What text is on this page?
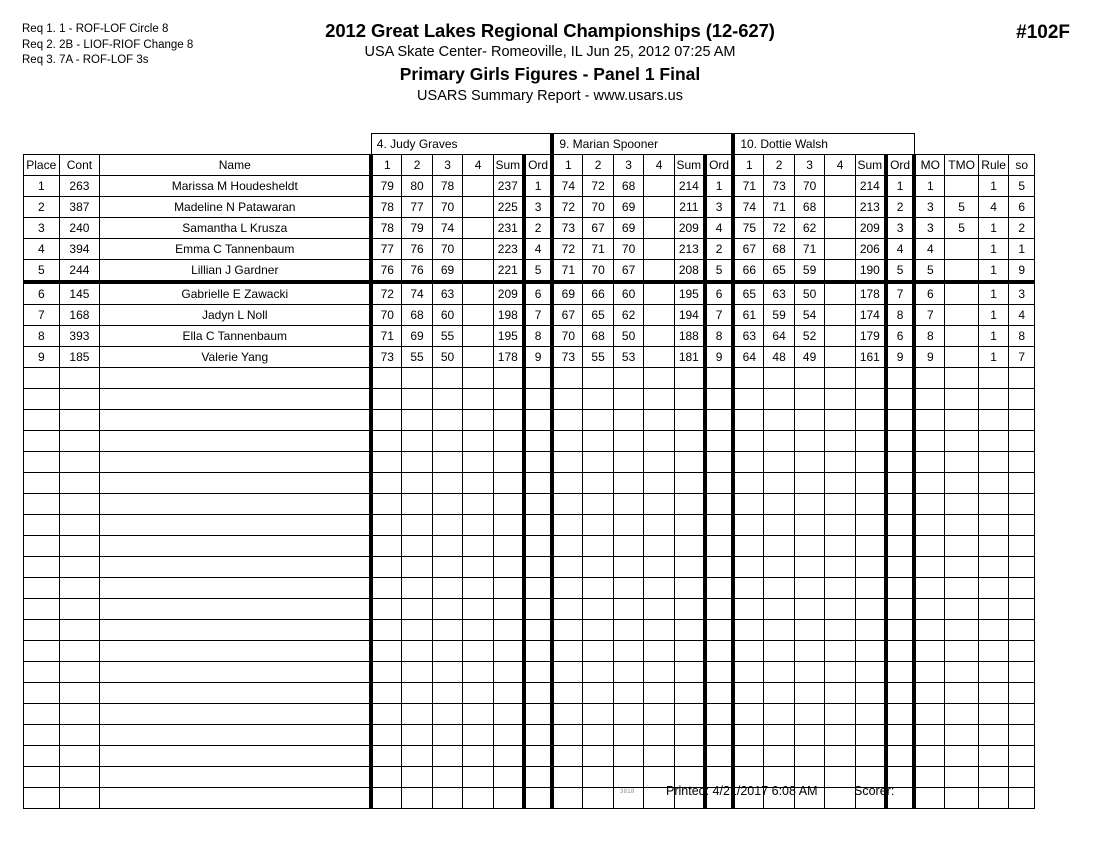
Req 1. 1 - ROF-LOF Circle 8
Req 2. 2B - LIOF-RIOF Change 8
Req 3. 7A - ROF-LOF 3s
2012 Great Lakes Regional Championships (12-627)
USA Skate Center- Romeoville, IL Jun 25, 2012 07:25 AM
Primary Girls Figures - Panel 1 Final
USARS Summary Report - www.usars.us
#102F
			4. Judy Graves						9. Marian Spooner						10. Dottie Walsh									
Place	Cont	Name	1	2	3	4	Sum	Ord	1	2	3	4	Sum	Ord	1	2	3	4	Sum	Ord	MO	TMO	Rule	so
1	263	Marissa M Houdesheldt	79	80	78		237	1	74	72	68		214	1	71	73	70		214	1	1		1	5
2	387	Madeline N Patawaran	78	77	70		225	3	72	70	69		211	3	74	71	68		213	2	3	5	4	6
3	240	Samantha L Krusza	78	79	74		231	2	73	67	69		209	4	75	72	62		209	3	3	5	1	2
4	394	Emma C Tannenbaum	77	76	70		223	4	72	71	70		213	2	67	68	71		206	4	4		1	1
5	244	Lillian J Gardner	76	76	69		221	5	71	70	67		208	5	66	65	59		190	5	5		1	9
6	145	Gabrielle E Zawacki	72	74	63		209	6	69	66	60		195	6	65	63	50		178	7	6		1	3
7	168	Jadyn L Noll	70	68	60		198	7	67	65	62		194	7	61	59	54		174	8	7		1	4
8	393	Ella C Tannenbaum	71	69	55		195	8	70	68	50		188	8	63	64	52		179	6	8		1	8
9	185	Valerie Yang	73	55	50		178	9	73	55	53		181	9	64	48	49		161	9	9		1	7

3818	Printed: 4/21/2017 6:08 AM	Scorer:
